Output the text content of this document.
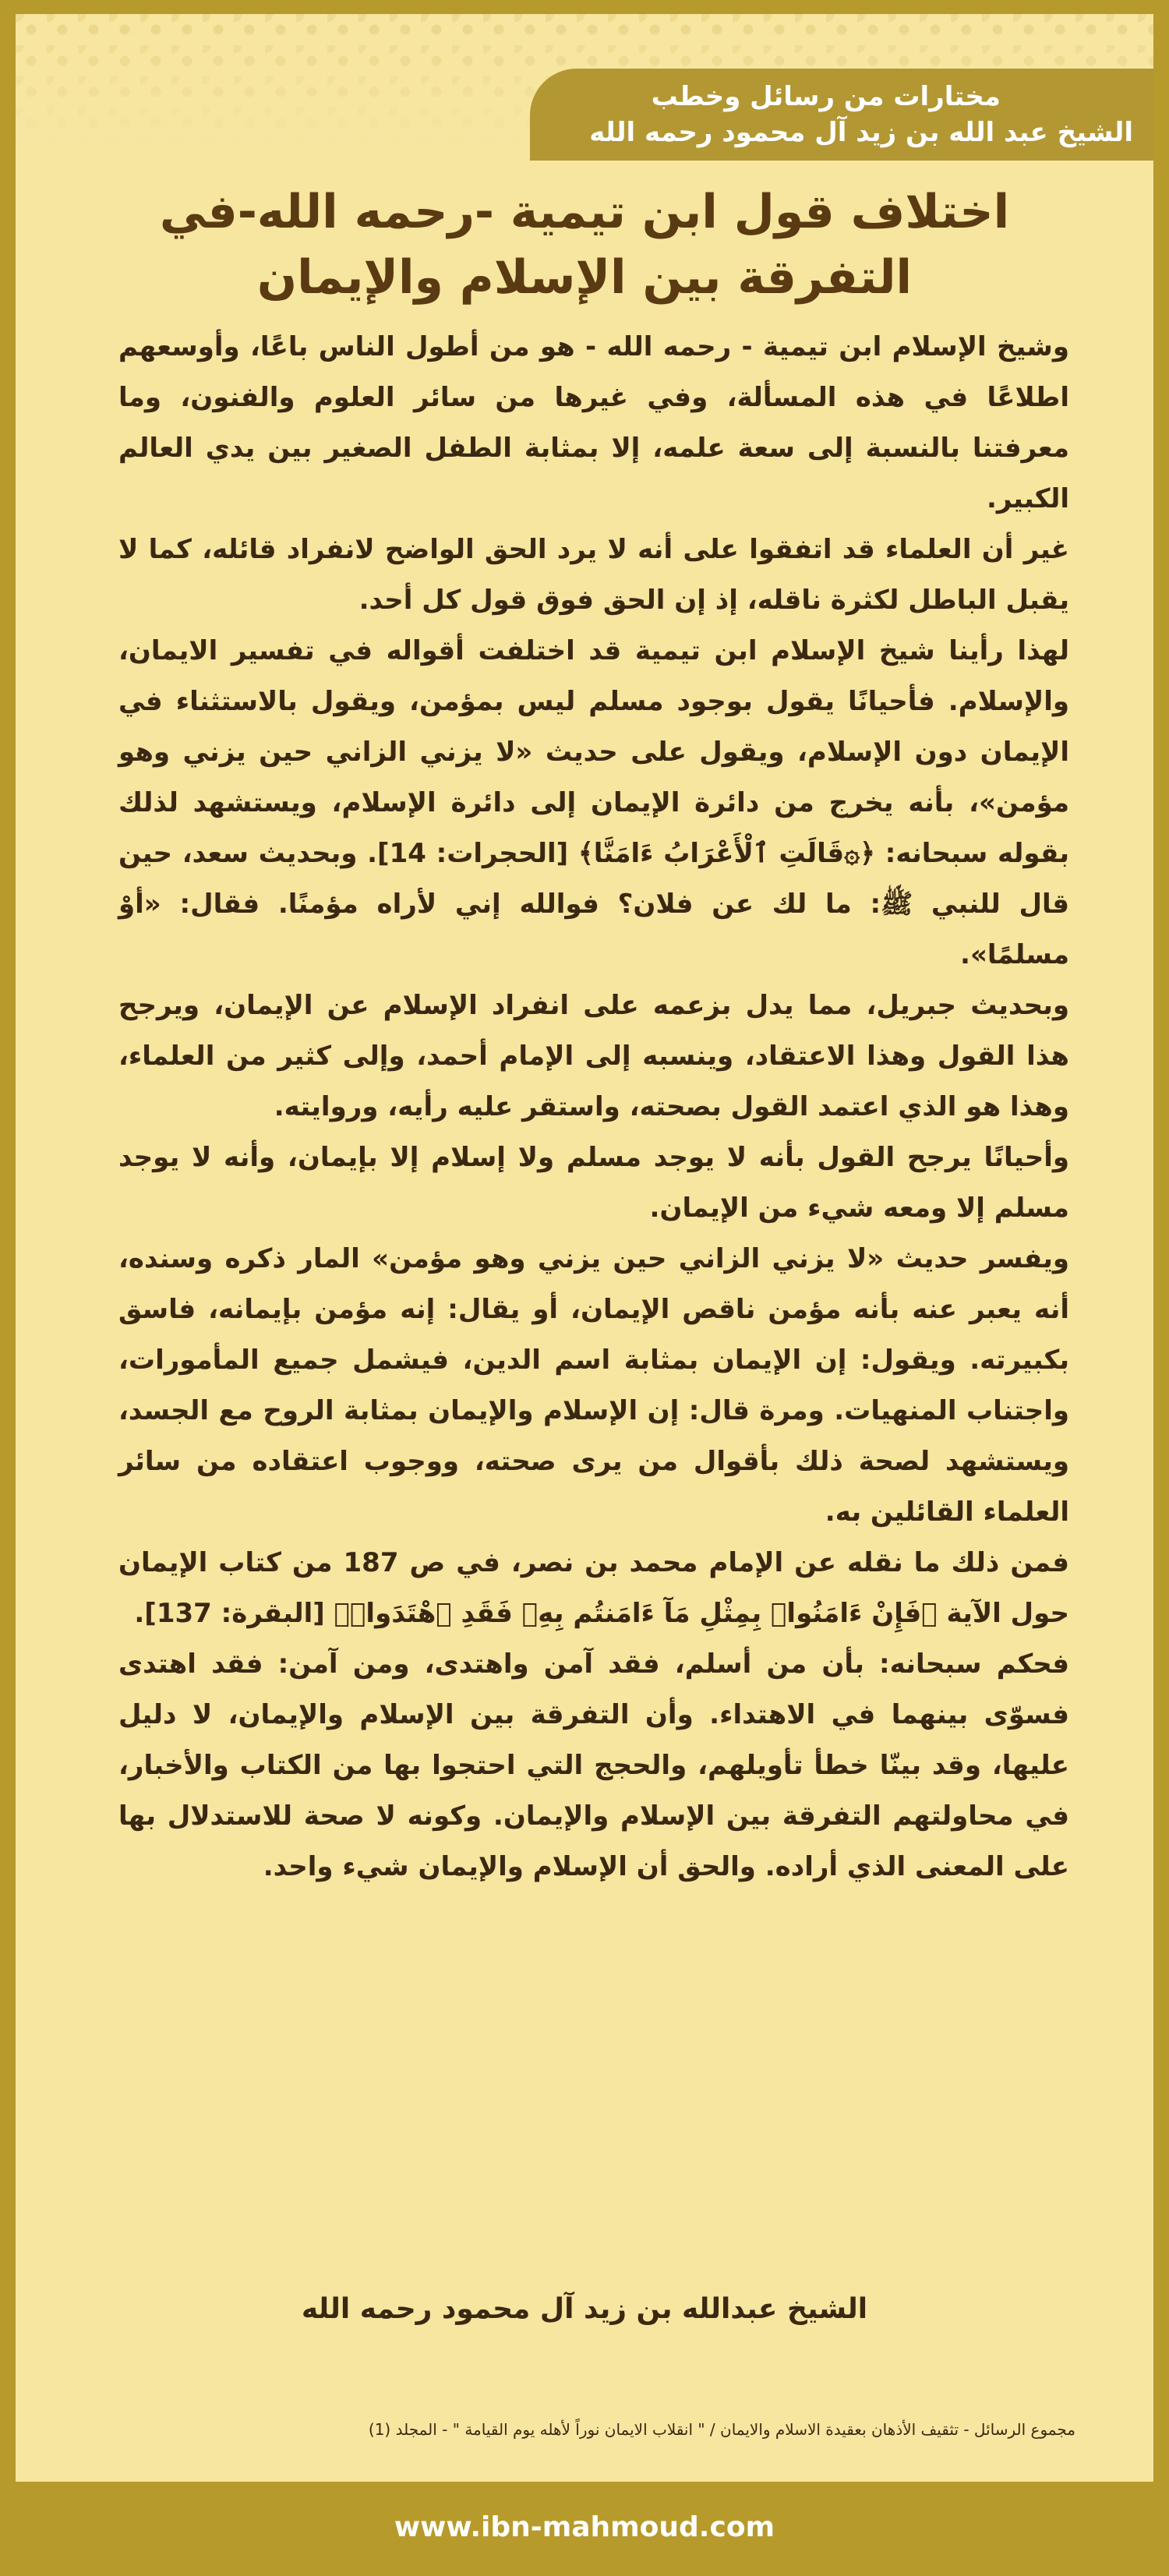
مختارات من رسائل وخطب
الشيخ عبد الله بن زيد آل محمود رحمه الله
اختلاف قول ابن تيمية -رحمه الله-في
التفرقة بين الإسلام والإيمان

وشيخ الإسلام ابن تيمية - رحمه الله - هو من أطول الناس باعًا، وأوسعهم اطلاعًا في هذه المسألة، وفي غيرها من سائر العلوم والفنون، وما معرفتنا بالنسبة إلى سعة علمه، إلا بمثابة الطفل الصغير بين يدي العالم الكبير.

غير أن العلماء قد اتفقوا على أنه لا يرد الحق الواضح لانفراد قائله، كما لا يقبل الباطل لكثرة ناقله، إذ إن الحق فوق قول كل أحد.

لهذا رأينا شيخ الإسلام ابن تيمية قد اختلفت أقواله في تفسير الايمان، والإسلام. فأحيانًا يقول بوجود مسلم ليس بمؤمن، ويقول بالاستثناء في الإيمان دون الإسلام، ويقول على حديث «لا يزني الزاني حين يزني وهو مؤمن»، بأنه يخرج من دائرة الإيمان إلى دائرة الإسلام، ويستشهد لذلك بقوله سبحانه: ﴿۞قَالَتِ ٱلْأَعْرَابُ ءَامَنَّا﴾ [الحجرات: 14]. وبحديث سعد، حين قال للنبي ﷺ: ما لك عن فلان؟ فوالله إني لأراه مؤمنًا. فقال: «أوْ مسلمًا».

وبحديث جبريل، مما يدل بزعمه على انفراد الإسلام عن الإيمان، ويرجح هذا القول وهذا الاعتقاد، وينسبه إلى الإمام أحمد، وإلى كثير من العلماء، وهذا هو الذي اعتمد القول بصحته، واستقر عليه رأيه، وروايته.

وأحيانًا يرجح القول بأنه لا يوجد مسلم ولا إسلام إلا بإيمان، وأنه لا يوجد مسلم إلا ومعه شيء من الإيمان.

ويفسر حديث «لا يزني الزاني حين يزني وهو مؤمن» المار ذكره وسنده، أنه يعبر عنه بأنه مؤمن ناقص الإيمان، أو يقال: إنه مؤمن بإيمانه، فاسق بكبيرته. ويقول: إن الإيمان بمثابة اسم الدين، فيشمل جميع المأمورات، واجتناب المنهيات. ومرة قال: إن الإسلام والإيمان بمثابة الروح مع الجسد، ويستشهد لصحة ذلك بأقوال من يرى صحته، ووجوب اعتقاده من سائر العلماء القائلين به.

فمن ذلك ما نقله عن الإمام محمد بن نصر، في ص 187 من كتاب الإيمان حول الآية ﴿فَإِنْ ءَامَنُوا۟ بِمِثْلِ مَآ ءَامَنتُم بِهِۦ فَقَدِ ٱهْتَدَوا۟﴾ [البقرة: 137].

فحكم سبحانه: بأن من أسلم، فقد آمن واهتدى، ومن آمن: فقد اهتدى فسوّى بينهما في الاهتداء. وأن التفرقة بين الإسلام والإيمان، لا دليل عليها، وقد بينّا خطأ تأويلهم، والحجج التي احتجوا بها من الكتاب والأخبار، في محاولتهم التفرقة بين الإسلام والإيمان. وكونه لا صحة للاستدلال بها على المعنى الذي أراده. والحق أن الإسلام والإيمان شيء واحد.

الشيخ عبدالله بن زيد آل محمود رحمه الله
مجموع الرسائل - تثقيف الأذهان بعقيدة الاسلام والايمان / " انقلاب الايمان نوراً لأهله يوم القيامة " - المجلد (1)
www.ibn-mahmoud.com
